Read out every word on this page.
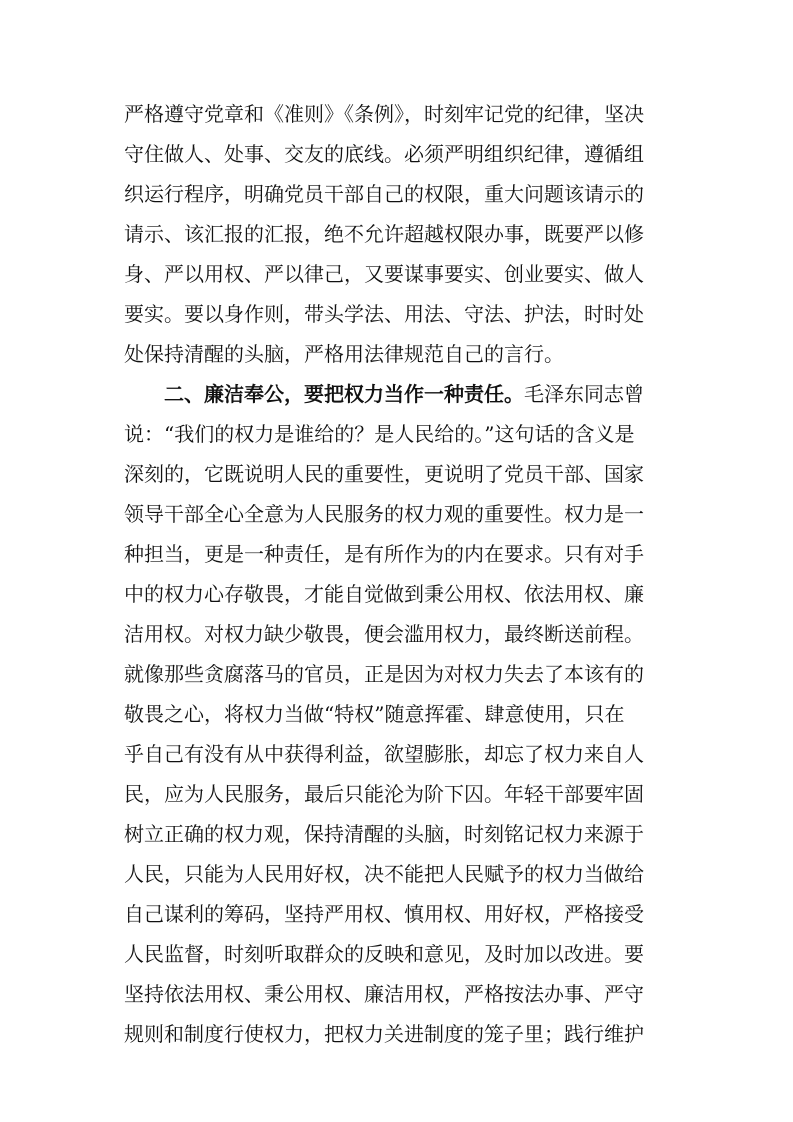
严格遵守党章和《准则》《条例》，时刻牢记党的纪律，坚决
守住做人、处事、交友的底线。必须严明组织纪律，遵循组
织运行程序，明确党员干部自己的权限，重大问题该请示的
请示、该汇报的汇报，绝不允许超越权限办事，既要严以修
身、严以用权、严以律己，又要谋事要实、创业要实、做人
要实。要以身作则，带头学法、用法、守法、护法，时时处
处保持清醒的头脑，严格用法律规范自己的言行。
二、廉洁奉公，要把权力当作一种责任。毛泽东同志曾
说：“我们的权力是谁给的？是人民给的。”这句话的含义是
深刻的，它既说明人民的重要性，更说明了党员干部、国家
领导干部全心全意为人民服务的权力观的重要性。权力是一
种担当，更是一种责任，是有所作为的内在要求。只有对手
中的权力心存敬畏，才能自觉做到秉公用权、依法用权、廉
洁用权。对权力缺少敬畏，便会滥用权力，最终断送前程。
就像那些贪腐落马的官员，正是因为对权力失去了本该有的
敬畏之心，将权力当做“特权”随意挥霍、肆意使用，只在
乎自己有没有从中获得利益，欲望膨胀，却忘了权力来自人
民，应为人民服务，最后只能沦为阶下囚。年轻干部要牢固
树立正确的权力观，保持清醒的头脑，时刻铭记权力来源于
人民，只能为人民用好权，决不能把人民赋予的权力当做给
自己谋利的筹码，坚持严用权、慎用权、用好权，严格接受
人民监督，时刻听取群众的反映和意见，及时加以改进。要
坚持依法用权、秉公用权、廉洁用权，严格按法办事、严守
规则和制度行使权力，把权力关进制度的笼子里；践行维护
